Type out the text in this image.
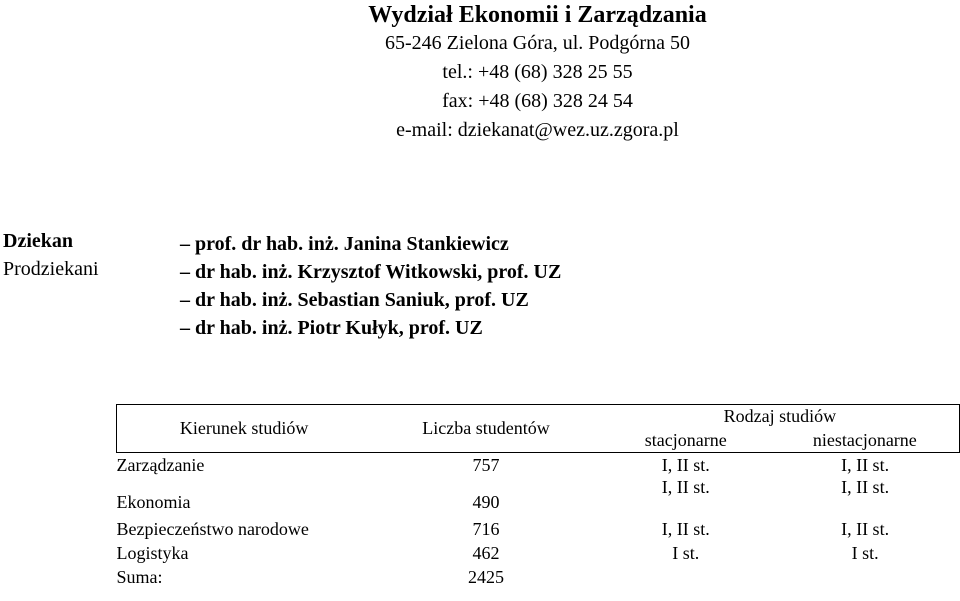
Wydział Ekonomii i Zarządzania
65-246 Zielona Góra, ul. Podgórna 50
tel.: +48 (68) 328 25 55
fax: +48 (68) 328 24 54
e-mail: dziekanat@wez.uz.zgora.pl
Dziekan
Prodziekani
– prof. dr hab. inż. Janina Stankiewicz
– dr hab. inż. Krzysztof Witkowski, prof. UZ
– dr hab. inż. Sebastian Saniuk, prof. UZ
– dr hab. inż. Piotr Kułyk, prof. UZ
Kierunek studiów	Liczba studentów	Rodzaj studiów	
		stacjonarne	niestacjonarne
Zarządzanie	757	I, II st.	I, II st.
Ekonomia	490	I, II st.	I, II st.
Bezpieczeństwo narodowe	716	I, II st.	I, II st.
Logistyka	462	I st.	I st.
Suma:	2425		
